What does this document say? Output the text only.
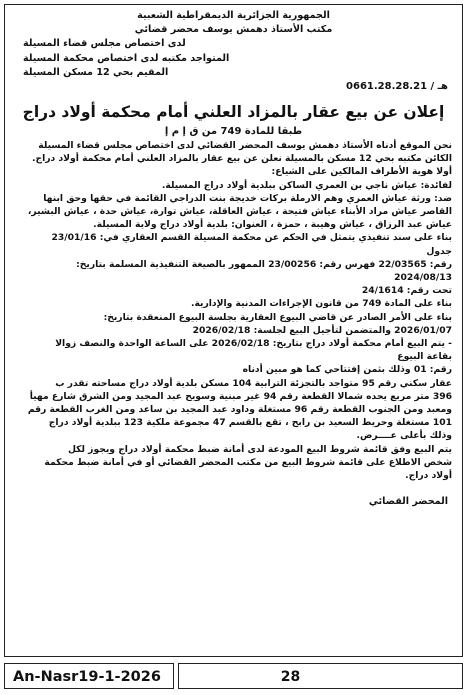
الجمهورية الجزائرية الديمقراطية الشعبية
مكتب الأستاذ دهمش يوسف محضر قضائي
لدى اختصاص مجلس قضاء المسيلة
المتواجد مكتبه لدى اختصاص محكمة المسيلة
المقيم بحي 12 مسكن المسيلة
0661.28.28.21 / هـ
إعلان عن بيع عقار بالمزاد العلني أمام محكمة أولاد دراج
طبقا للمادة 749 من ق إ م إ
نحن الموقع أدناه الأستاذ دهمش يوسف المحضر القضائي لدى اختصاص مجلس قضاء المسيلة
الكائن مكتبه بحي 12 مسكن بالمسيلة نعلن عن بيع عقار بالمزاد العلني أمام محكمة أولاد دراج.
أولا هوية الأطراف المالكين على الشياع:
لفائدة: عياش ناجي بن العمري الساكن ببلدية أولاد دراج المسيلة.
ضد: ورثة عياش العمري وهم الارملة بركات خديجة بنت الدراجي القائمة في حقها وحق ابنها
القاصر عياش مراد الأبناء عياش فتيحة ، عياش العاقلة، عياش توارة، عياش حدة ، عياش البشير،
عياش عبد الرزاق ، عياش وهيبة ، حمزة ، العنوان: بلدية أولاد دراج ولاية المسيلة.
بناء على سند تنفيذي يتمثل في الحكم عن محكمة المسيلة القسم العقاري في: 23/01/16
جدول
رقم: 22/03565 فهرس رقم: 23/00256 الممهور بالصيغة التنفيذية المسلمة بتاريخ:
2024/08/13
تحت رقم: 24/1614
بناء على المادة 749 من قانون الإجراءات المدنية والإدارية.
بناء على الأمر الصادر عن قاضي البيوع العقارية بجلسة البيوع المنعقدة بتاريخ:
2026/01/07 والمتضمن لتأجيل البيع لجلسة: 2026/02/18
- يتم البيع أمام محكمة أولاد دراج بتاريخ: 2026/02/18 على الساعة الواحدة والنصف زوالا
بقاعة البيوع
رقم: 01 وذلك بثمن إفتتاحي كما هو مبين أدناه
عقار سكني رقم 95 متواجد بالتجزئة الترابية 104 مسكن بلدية أولاد دراج مساحته تقدر ب
396 متر مربع يحده شمالا القطعة رقم 94 غير مبنية وسويح عبد المجيد ومن الشرق شارع مهيأ
ومعبد ومن الجنوب القطعة رقم 96 مستغلة وداود عبد المجيد بن ساعد ومن الغرب القطعة رقم
101 مستغلة وحريط السعيد بن رابح ، تقع بالقسم 47 مجموعة ملكية 123 ببلدية أولاد دراج
وذلك بأعلى عــــرض.
يتم البيع وفق قائمة شروط البيع المودعة لدى أمانة ضبط محكمة أولاد دراج ويجوز لكل
شخص الاطلاع على قائمة شروط البيع من مكتب المحضر القضائي أو في أمانة ضبط محكمة
أولاد دراج.
المحضر القضائي
An-Nasr19-1-2026	28
